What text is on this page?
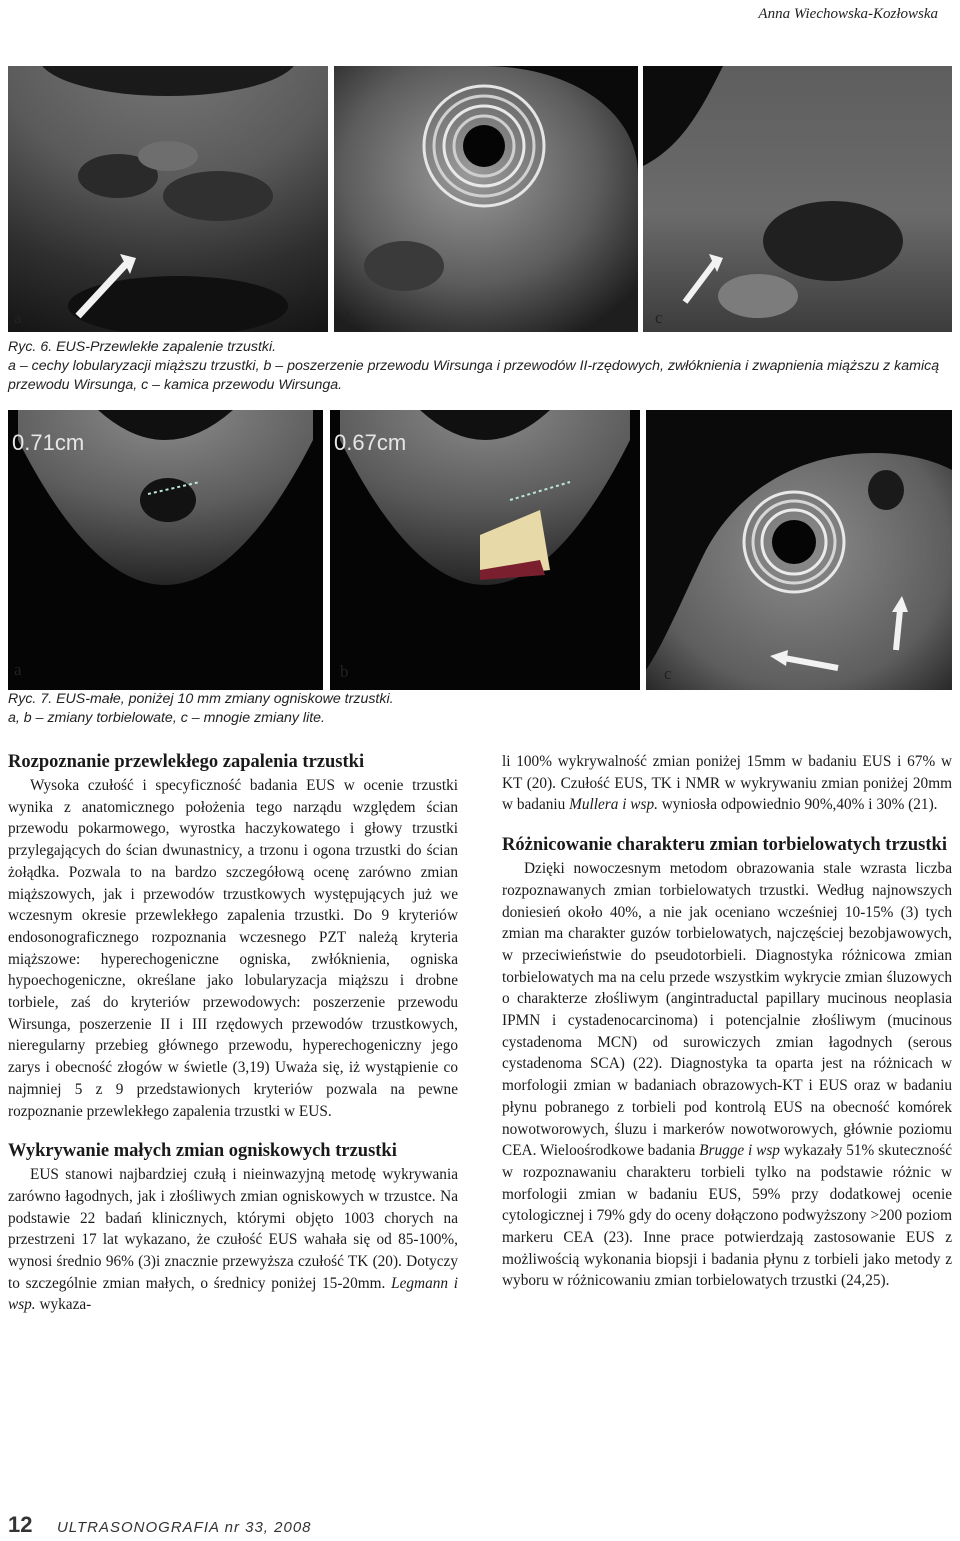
Anna Wiechowska-Kozłowska
a	b	c

Ryc. 6. EUS-Przewlekłe zapalenie trzustki.

a – cechy lobularyzacji miąższu trzustki, b – poszerzenie przewodu Wirsunga i przewodów II-rzędowych, zwłóknienia i zwapnienia miąższu z kamicą przewodu Wirsunga, c – kamica przewodu Wirsunga.

0.71cm	0.67cm
a	b	c

Ryc. 7. EUS-małe, poniżej 10 mm zmiany ogniskowe trzustki.

a, b – zmiany torbielowate, c – mnogie zmiany lite.

Rozpoznanie przewlekłego zapalenia trzustki

Wysoka czułość i specyficzność badania EUS w ocenie trzustki wynika z anatomicznego położenia tego narządu względem ścian przewodu pokarmowego, wyrostka haczykowatego i głowy trzustki przylegających do ścian dwunastnicy, a trzonu i ogona trzustki do ścian żołądka. Pozwala to na bardzo szczegółową ocenę zarówno zmian miąższowych, jak i przewodów trzustkowych występujących już we wczesnym okresie przewlekłego zapalenia trzustki. Do 9 kryteriów endosonograficznego rozpoznania wczesnego PZT należą kryteria miąższowe: hyperechogeniczne ogniska, zwłóknienia, ogniska hypoechogeniczne, określane jako lobularyzacja miąższu i drobne torbiele, zaś do kryteriów przewodowych: poszerzenie przewodu Wirsunga, poszerzenie II i III rzędowych przewodów trzustkowych, nieregularny przebieg głównego przewodu, hyperechogeniczny jego zarys i obecność złogów w świetle (3,19) Uważa się, iż wystąpienie co najmniej 5 z 9 przedstawionych kryteriów pozwala na pewne rozpoznanie przewlekłego zapalenia trzustki w EUS.

Wykrywanie małych zmian ogniskowych trzustki

EUS stanowi najbardziej czułą i nieinwazyjną metodę wykrywania zarówno łagodnych, jak i złośliwych zmian ogniskowych w trzustce. Na podstawie 22 badań klinicznych, którymi objęto 1003 chorych na przestrzeni 17 lat wykazano, że czułość EUS wahała się od 85-100%, wynosi średnio 96% (3)i znacznie przewyższa czułość TK (20). Dotyczy to szczególnie zmian małych, o średnicy poniżej 15-20mm. Legmann i wsp. wykaza-

li 100% wykrywalność zmian poniżej 15mm w badaniu EUS i 67% w KT (20). Czułość EUS, TK i NMR w wykrywaniu zmian poniżej 20mm w badaniu Mullera i wsp. wyniosła odpowiednio 90%,40% i 30% (21).

Różnicowanie charakteru zmian torbielowatych trzustki

Dzięki nowoczesnym metodom obrazowania stale wzrasta liczba rozpoznawanych zmian torbielowatych trzustki. Według najnowszych doniesień około 40%, a nie jak oceniano wcześniej 10-15% (3) tych zmian ma charakter guzów torbielowatych, najczęściej bezobjawowych, w przeciwieństwie do pseudotorbieli. Diagnostyka różnicowa zmian torbielowatych ma na celu przede wszystkim wykrycie zmian śluzowych o charakterze złośliwym (angintraductal papillary mucinous neoplasia IPMN i cystadenocarcinoma) i potencjalnie złośliwym (mucinous cystadenoma MCN) od surowiczych zmian łagodnych (serous cystadenoma SCA) (22). Diagnostyka ta oparta jest na różnicach w morfologii zmian w badaniach obrazowych-KT i EUS oraz w badaniu płynu pobranego z torbieli pod kontrolą EUS na obecność komórek nowotworowych, śluzu i markerów nowotworowych, głównie poziomu CEA. Wieloośrodkowe badania Brugge i wsp wykazały 51% skuteczność w rozpoznawaniu charakteru torbieli tylko na podstawie różnic w morfologii zmian w badaniu EUS, 59% przy dodatkowej ocenie cytologicznej i 79% gdy do oceny dołączono podwyższony >200 poziom markeru CEA (23). Inne prace potwierdzają zastosowanie EUS z możliwością wykonania biopsji i badania płynu z torbieli jako metody z wyboru w różnicowaniu zmian torbielowatych trzustki (24,25).

12 ULTRASONOGRAFIA nr 33, 2008
